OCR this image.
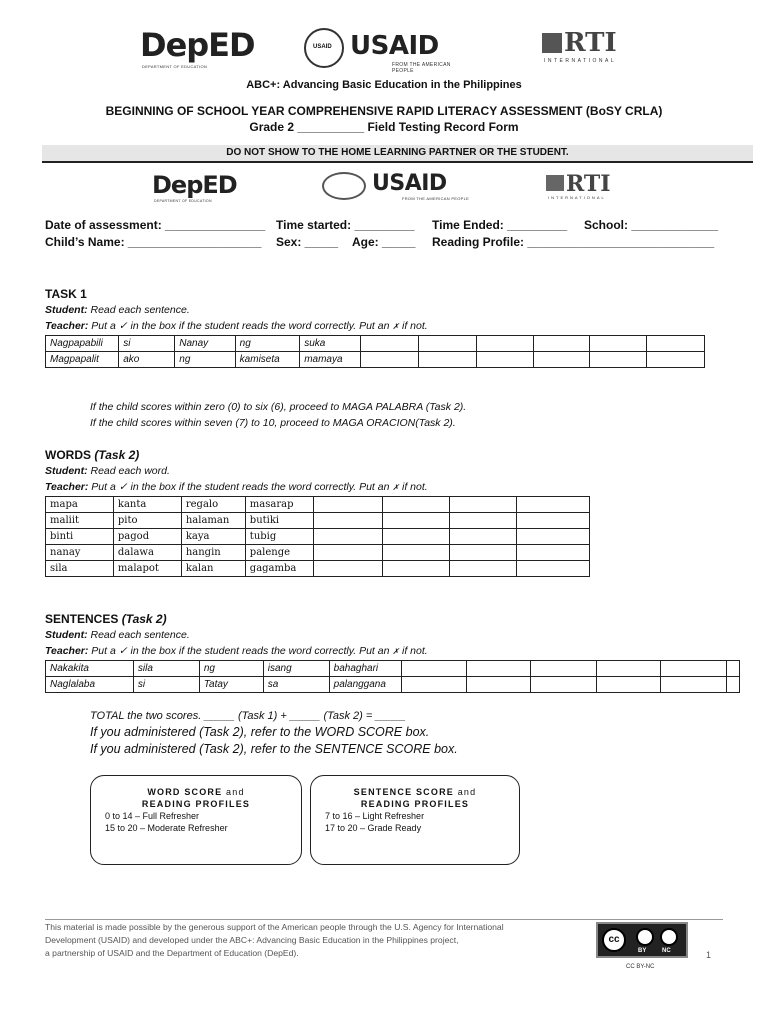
DepED
DEPARTMENT OF EDUCATION
USAID USAID
FROM THE AMERICAN PEOPLE
RTI
INTERNATIONAL
ABC+: Advancing Basic Education in the Philippines
BEGINNING OF SCHOOL YEAR COMPREHENSIVE RAPID LITERACY ASSESSMENT (BoSY CRLA)
Grade 2 __________ Field Testing Record Form
DO NOT SHOW TO THE HOME LEARNING PARTNER OR THE STUDENT.
DepED
DEPARTMENT OF EDUCATION
USAID
FROM THE AMERICAN PEOPLE
RTI
INTERNATIONAL
Date of assessment: _______________ Time started: _________ Time Ended: _________ School: _____________
Child’s Name: ____________________ Sex: _____ Age: _____ Reading Profile: ____________________________
TASK 1
Student: Read each sentence.
Teacher: Put a ✓ in the box if the student reads the word correctly. Put an ✗ if not.
Nagpapabili	si	Nanay	ng	suka						
Magpapalit	ako	ng	kamiseta	mamaya						
If the child scores within zero (0) to six (6), proceed to MAGA PALABRA (Task 2).
If the child scores within seven (7) to 10, proceed to MAGA ORACION(Task 2).
WORDS (Task 2)
Student: Read each word.
Teacher: Put a ✓ in the box if the student reads the word correctly. Put an ✗ if not.
mapa	kanta	regalo	masarap				
maliit	pito	halaman	butiki				
binti	pagod	kaya	tubig				
nanay	dalawa	hangin	palenge				
sila	malapot	kalan	gagamba				
SENTENCES (Task 2)
Student: Read each sentence.
Teacher: Put a ✓ in the box if the student reads the word correctly. Put an ✗ if not.
Nakakita	sila	ng	isang	bahaghari						
Naglalaba	si	Tatay	sa	palanggana						
TOTAL the two scores. _____ (Task 1) + _____ (Task 2) = _____
If you administered (Task 2), refer to the WORD SCORE box.
If you administered (Task 2), refer to the SENTENCE SCORE box.
WORD SCORE and
READING PROFILES
0 to 14 – Full Refresher
15 to 20 – Moderate Refresher
SENTENCE SCORE and
READING PROFILES
7 to 16 – Light Refresher
17 to 20 – Grade Ready
This material is made possible by the generous support of the American people through the U.S. Agency for International
Development (USAID) and developed under the ABC+: Advancing Basic Education in the Philippines project,
a partnership of USAID and the Department of Education (DepEd).
cc
BY	NC
CC BY-NC
1
